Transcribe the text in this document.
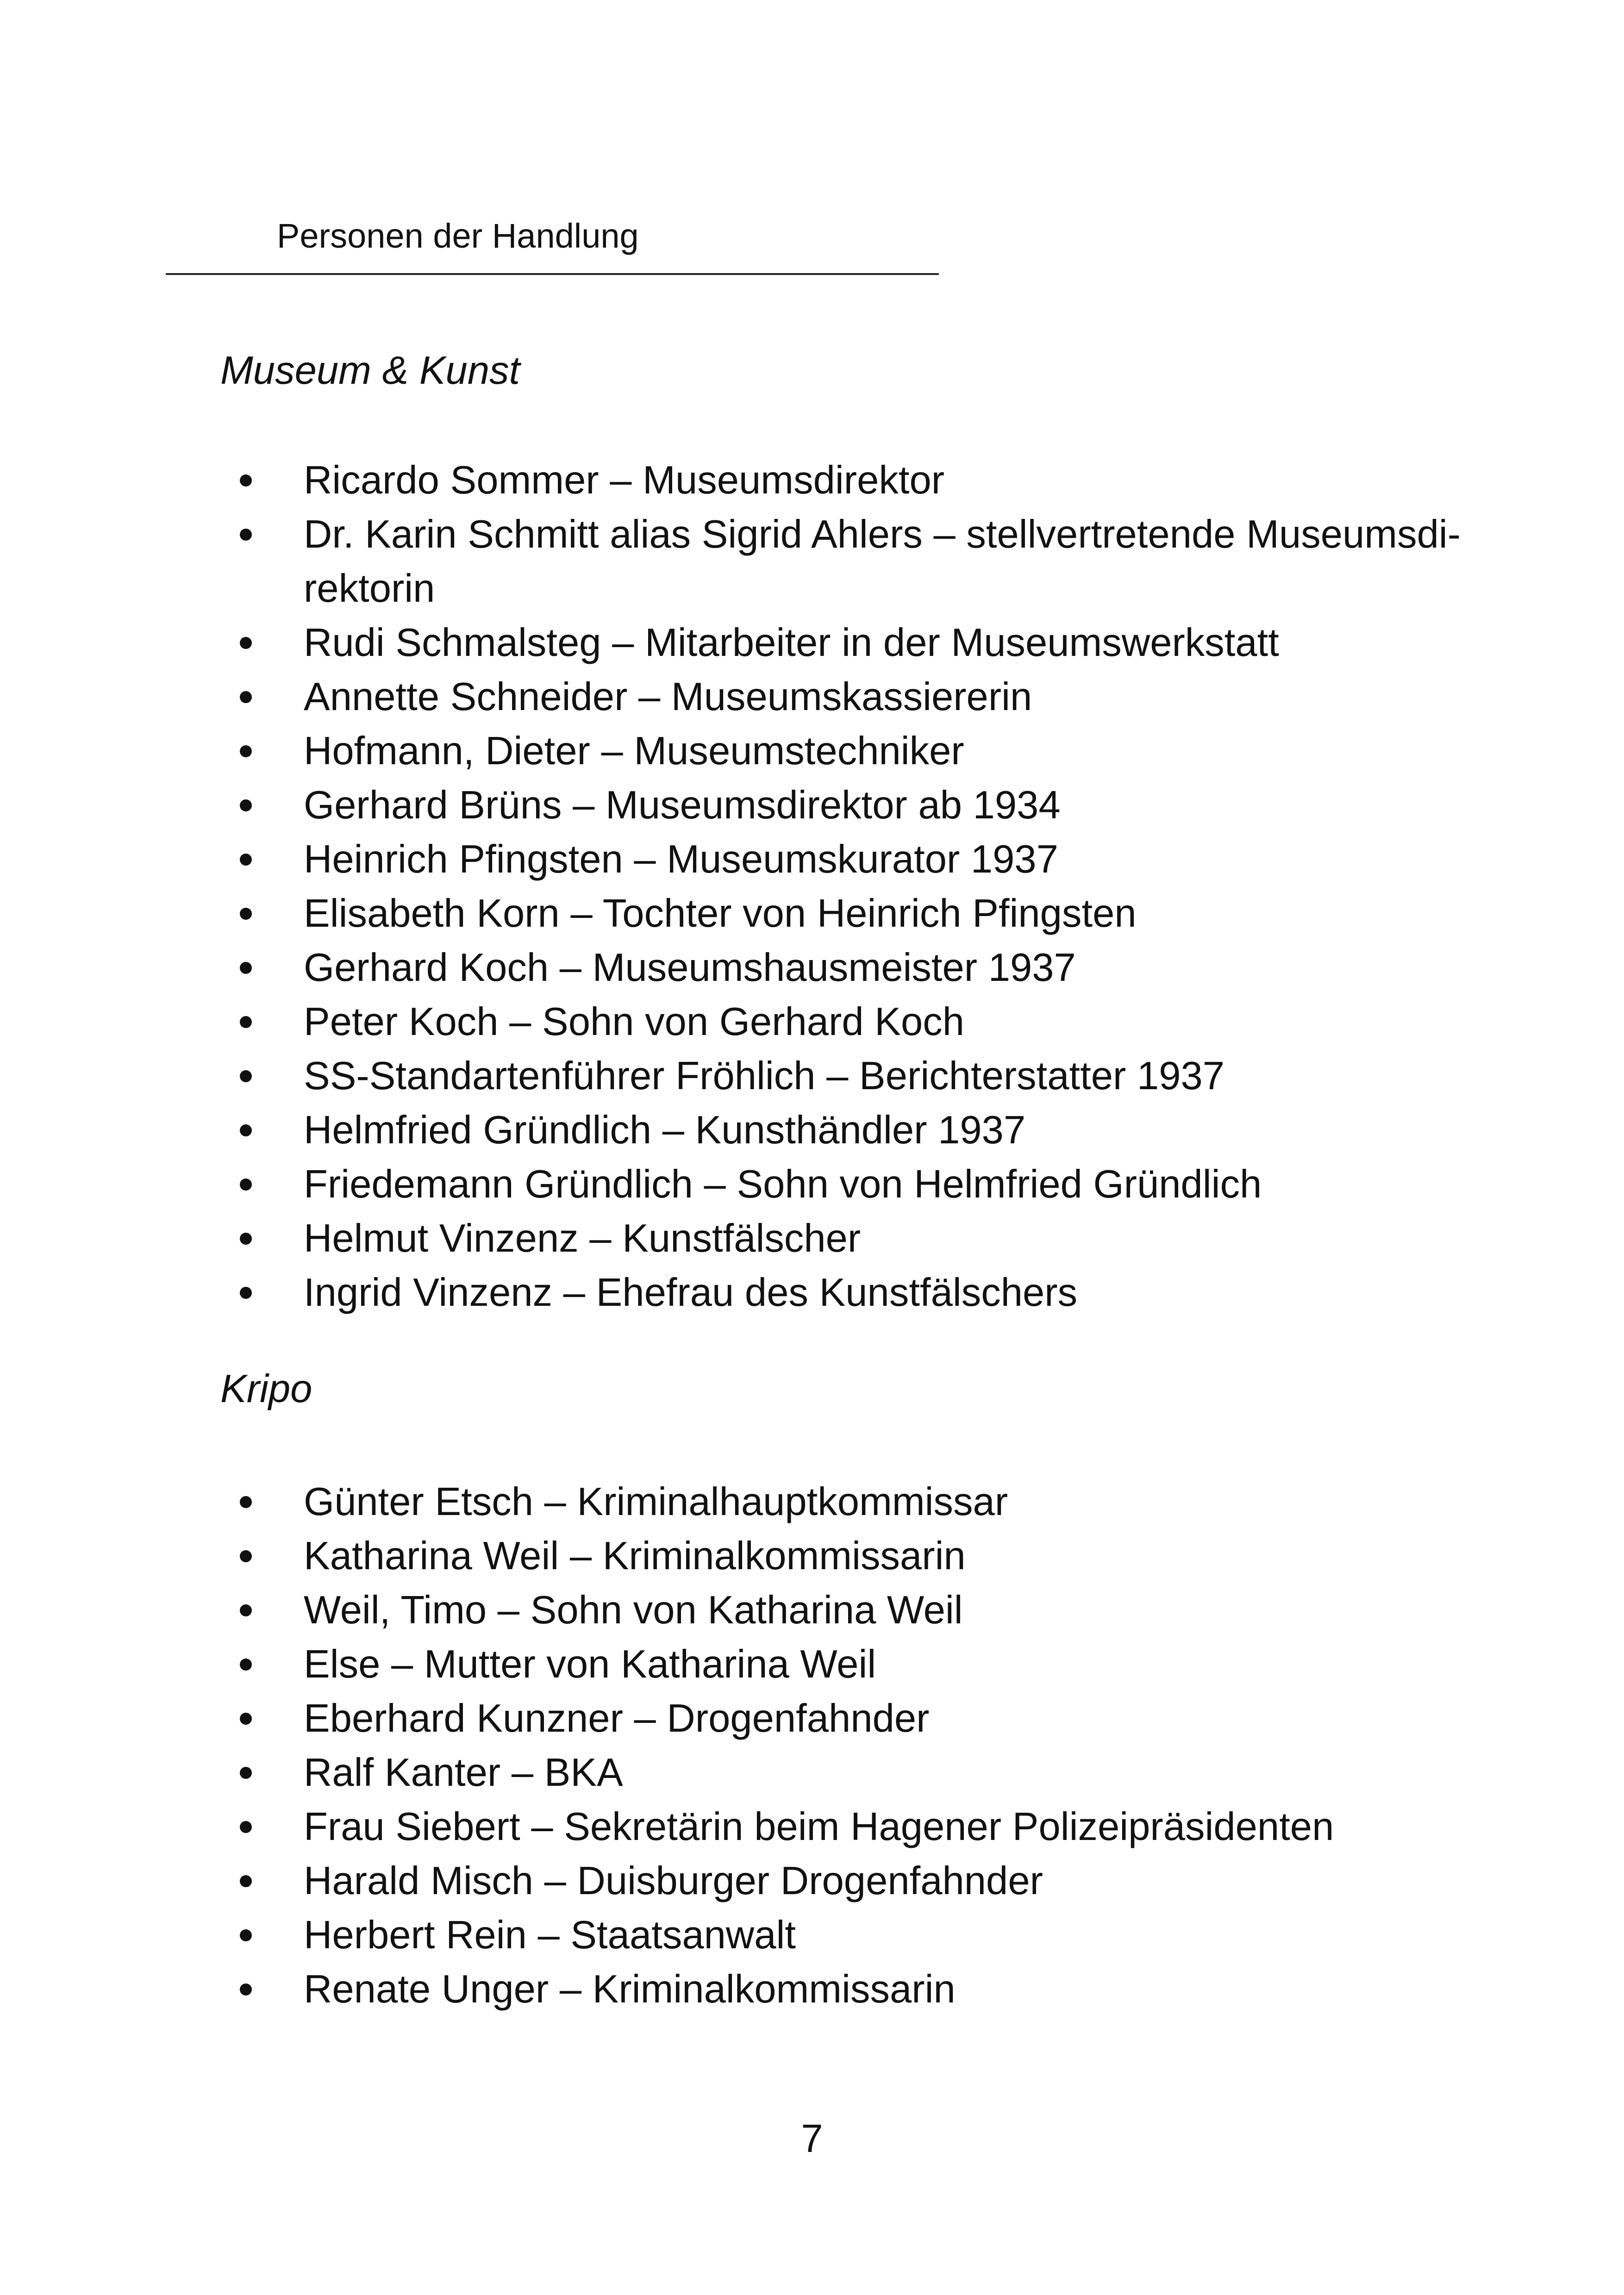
Personen der Handlung
Museum & Kunst
Ricardo Sommer – Museumsdirektor
Dr. Karin Schmitt alias Sigrid Ahlers – stellvertretende Museumsdi-
rektorin
Rudi Schmalsteg – Mitarbeiter in der Museumswerkstatt
Annette Schneider – Museumskassiererin
Hofmann, Dieter – Museumstechniker
Gerhard Brüns – Museumsdirektor ab 1934
Heinrich Pfingsten – Museumskurator 1937
Elisabeth Korn – Tochter von Heinrich Pfingsten
Gerhard Koch – Museumshausmeister 1937
Peter Koch – Sohn von Gerhard Koch
SS-Standartenführer Fröhlich – Berichterstatter 1937
Helmfried Gründlich – Kunsthändler 1937
Friedemann Gründlich – Sohn von Helmfried Gründlich
Helmut Vinzenz – Kunstfälscher
Ingrid Vinzenz – Ehefrau des Kunstfälschers
Kripo
Günter Etsch – Kriminalhauptkommissar
Katharina Weil – Kriminalkommissarin
Weil, Timo – Sohn von Katharina Weil
Else – Mutter von Katharina Weil
Eberhard Kunzner – Drogenfahnder
Ralf Kanter – BKA
Frau Siebert – Sekretärin beim Hagener Polizeipräsidenten
Harald Misch – Duisburger Drogenfahnder
Herbert Rein – Staatsanwalt
Renate Unger – Kriminalkommissarin
7
